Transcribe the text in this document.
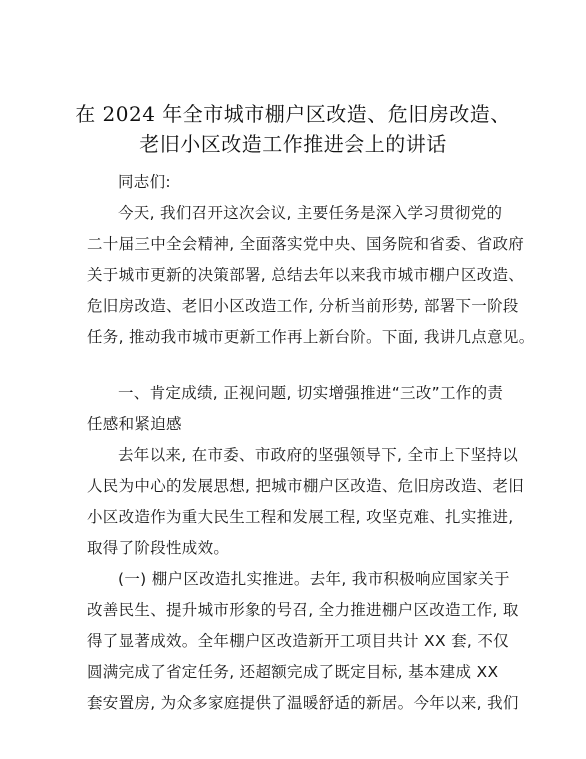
在 2024 年全市城市棚户区改造、危旧房改造、
老旧小区改造工作推进会上的讲话
同志们:
今天, 我们召开这次会议, 主要任务是深入学习贯彻党的
二十届三中全会精神, 全面落实党中央、国务院和省委、省政府
关于城市更新的决策部署, 总结去年以来我市城市棚户区改造、
危旧房改造、老旧小区改造工作, 分析当前形势, 部署下一阶段
任务, 推动我市城市更新工作再上新台阶。下面, 我讲几点意见。
一、肯定成绩, 正视问题, 切实增强推进“三改”工作的责
任感和紧迫感
去年以来, 在市委、市政府的坚强领导下, 全市上下坚持以
人民为中心的发展思想, 把城市棚户区改造、危旧房改造、老旧
小区改造作为重大民生工程和发展工程, 攻坚克难、扎实推进,
取得了阶段性成效。
(一) 棚户区改造扎实推进。去年, 我市积极响应国家关于
改善民生、提升城市形象的号召, 全力推进棚户区改造工作, 取
得了显著成效。全年棚户区改造新开工项目共计 XX 套, 不仅
圆满完成了省定任务, 还超额完成了既定目标, 基本建成 XX
套安置房, 为众多家庭提供了温暖舒适的新居。今年以来, 我们
